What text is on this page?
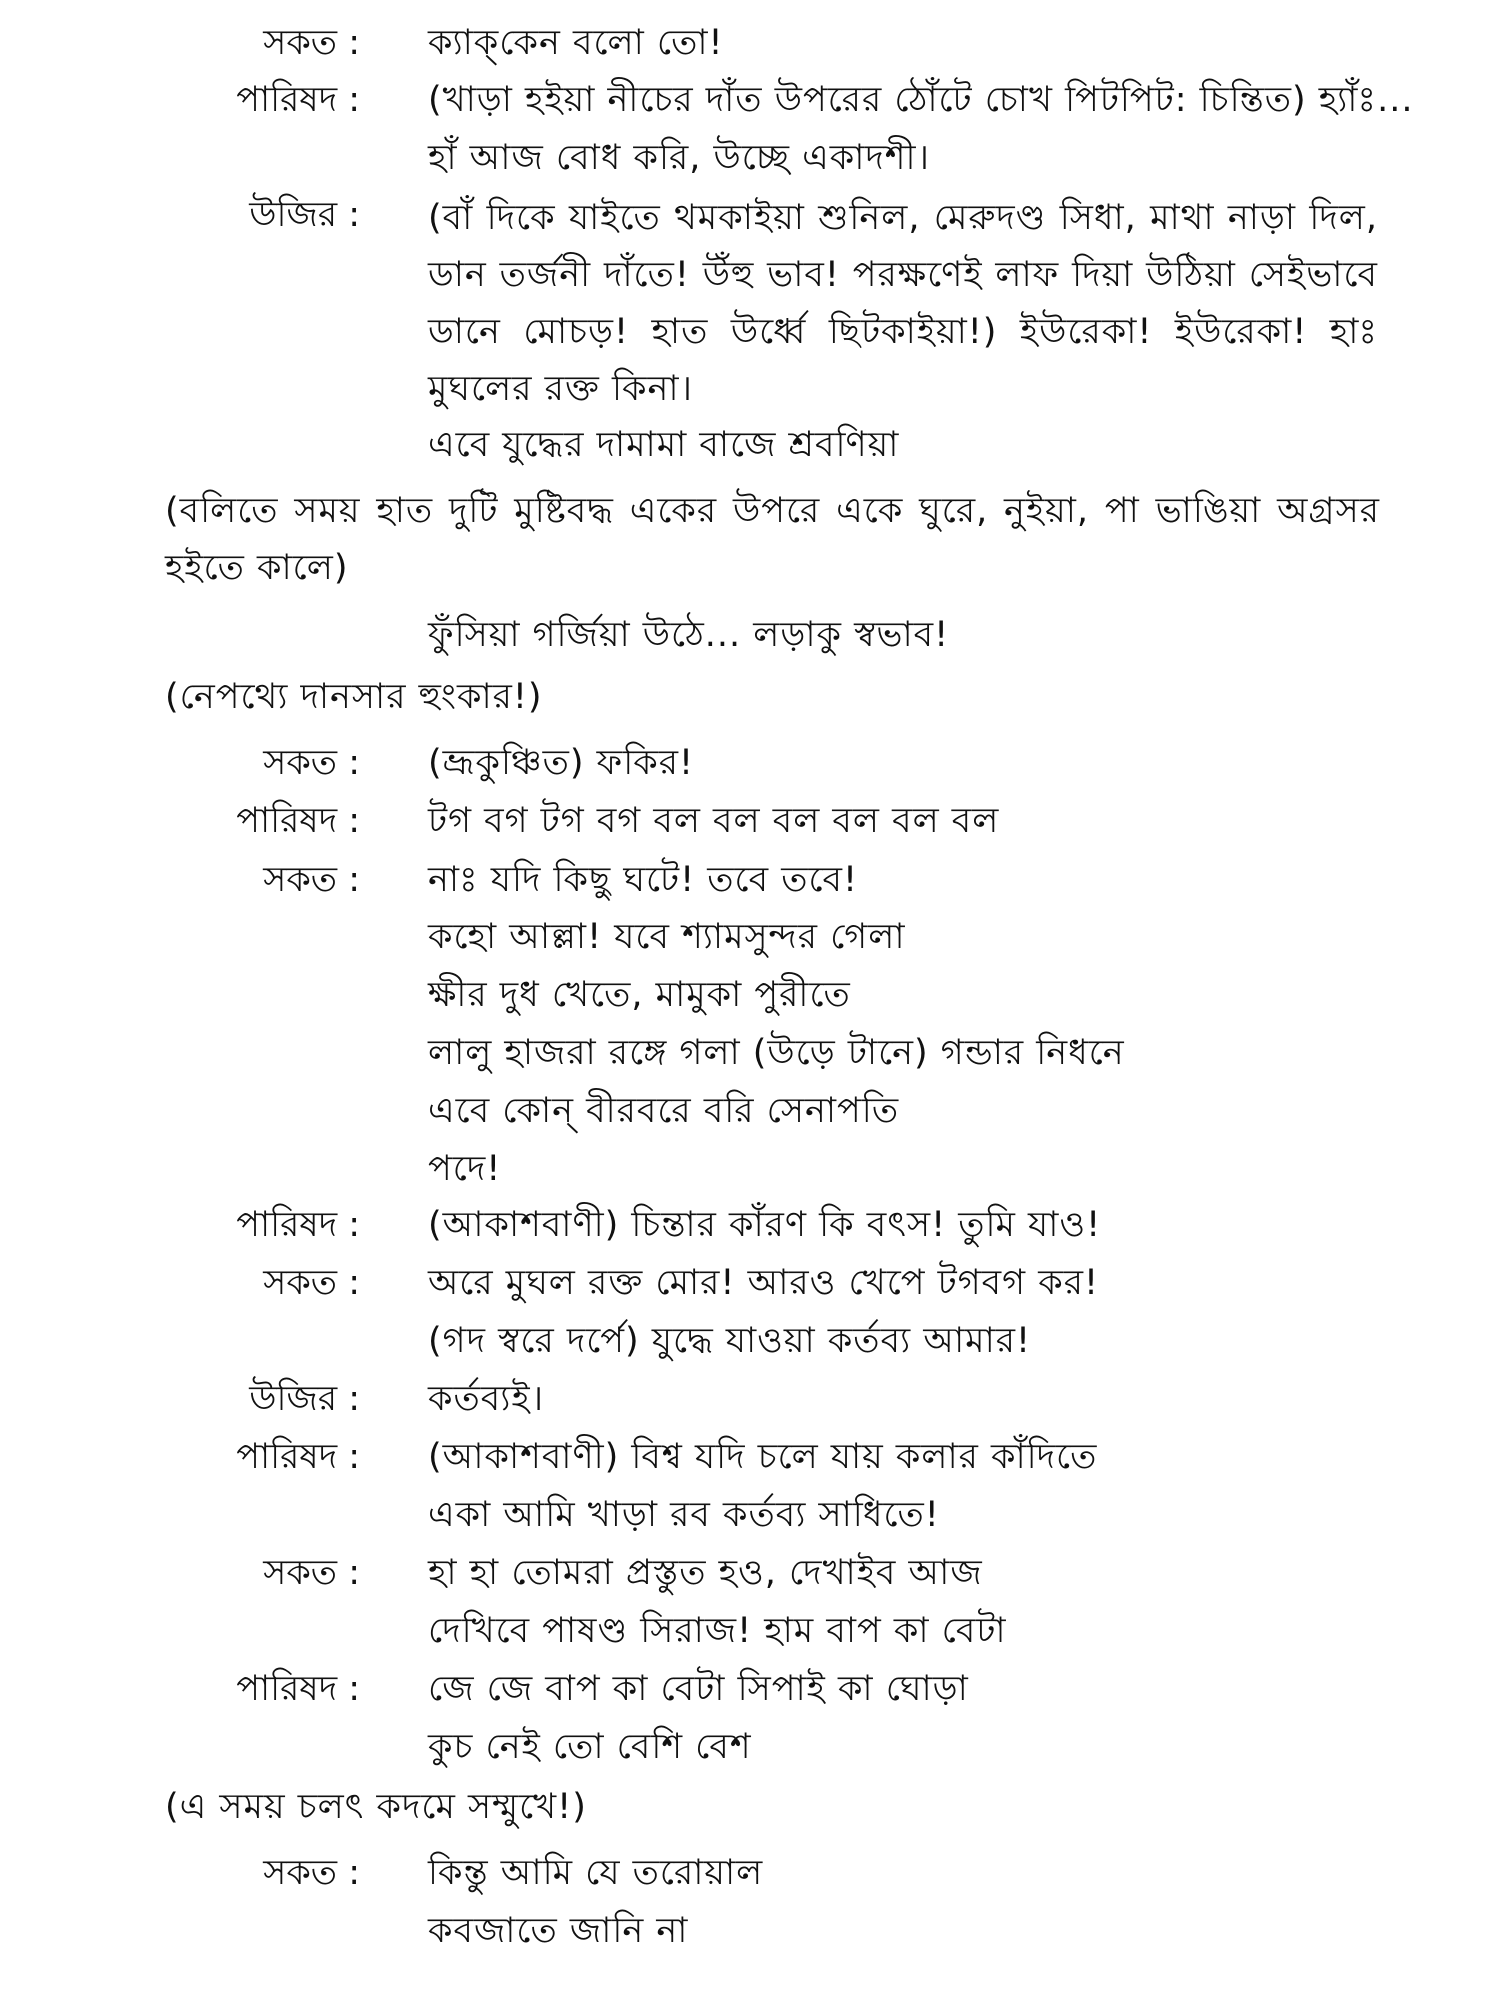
সকত : ক্যাক্‌কেন বলো তো!
পারিষদ : (খাড়া হইয়া নীচের দাঁত উপরের ঠোঁটে চোখ পিটপিট: চিন্তিত) হ্যাঁঃ...
হাঁ আজ বোধ করি, উচ্ছে একাদশী।
উজির : (বাঁ দিকে যাইতে থমকাইয়া শুনিল, মেরুদণ্ড সিধা, মাথা নাড়া দিল, ডান তর্জনী দাঁতে! উঁহু ভাব! পরক্ষণেই লাফ দিয়া উঠিয়া সেইভাবে ডানে মোচড়! হাত উর্ধ্বে ছিটকাইয়া!) ইউরেকা! ইউরেকা! হাঃ মুঘলের রক্ত কিনা।
এবে যুদ্ধের দামামা বাজে শ্রবণিয়া
(বলিতে সময় হাত দুটি মুষ্টিবদ্ধ একের উপরে একে ঘুরে, নুইয়া, পা ভাঙিয়া অগ্রসর হইতে কালে)
ফুঁসিয়া গর্জিয়া উঠে... লড়াকু স্বভাব!
(নেপথ্যে দানসার হুংকার!)
সকত : (ভ্রূকুঞ্চিত) ফকির!
পারিষদ : টগ বগ টগ বগ বল বল বল বল বল বল
সকত : নাঃ যদি কিছু ঘটে! তবে তবে!
কহো আল্লা! যবে শ্যামসুন্দর গেলা
ক্ষীর দুধ খেতে, মামুকা পুরীতে
লালু হাজরা রঙ্গে গলা (উড়ে টানে) গন্ডার নিধনে
এবে কোন্‌ বীরবরে বরি সেনাপতি
পদে!
পারিষদ : (আকাশবাণী) চিন্তার কাঁরণ কি বৎস! তুমি যাও!
সকত : অরে মুঘল রক্ত মোর! আরও খেপে টগবগ কর!
(গদ স্বরে দর্পে) যুদ্ধে যাওয়া কর্তব্য আমার!
উজির : কর্তব্যই।
পারিষদ : (আকাশবাণী) বিশ্ব যদি চলে যায় কলার কাঁদিতে
একা আমি খাড়া রব কর্তব্য সাধিতে!
সকত : হা হা তোমরা প্রস্তুত হও, দেখাইব আজ
দেখিবে পাষণ্ড সিরাজ! হাম বাপ কা বেটা
পারিষদ : জে জে বাপ কা বেটা সিপাই কা ঘোড়া
কুচ নেই তো বেশি বেশ
(এ সময় চলৎ কদমে সম্মুখে!)
সকত : কিন্তু আমি যে তরোয়াল
কবজাতে জানি না
